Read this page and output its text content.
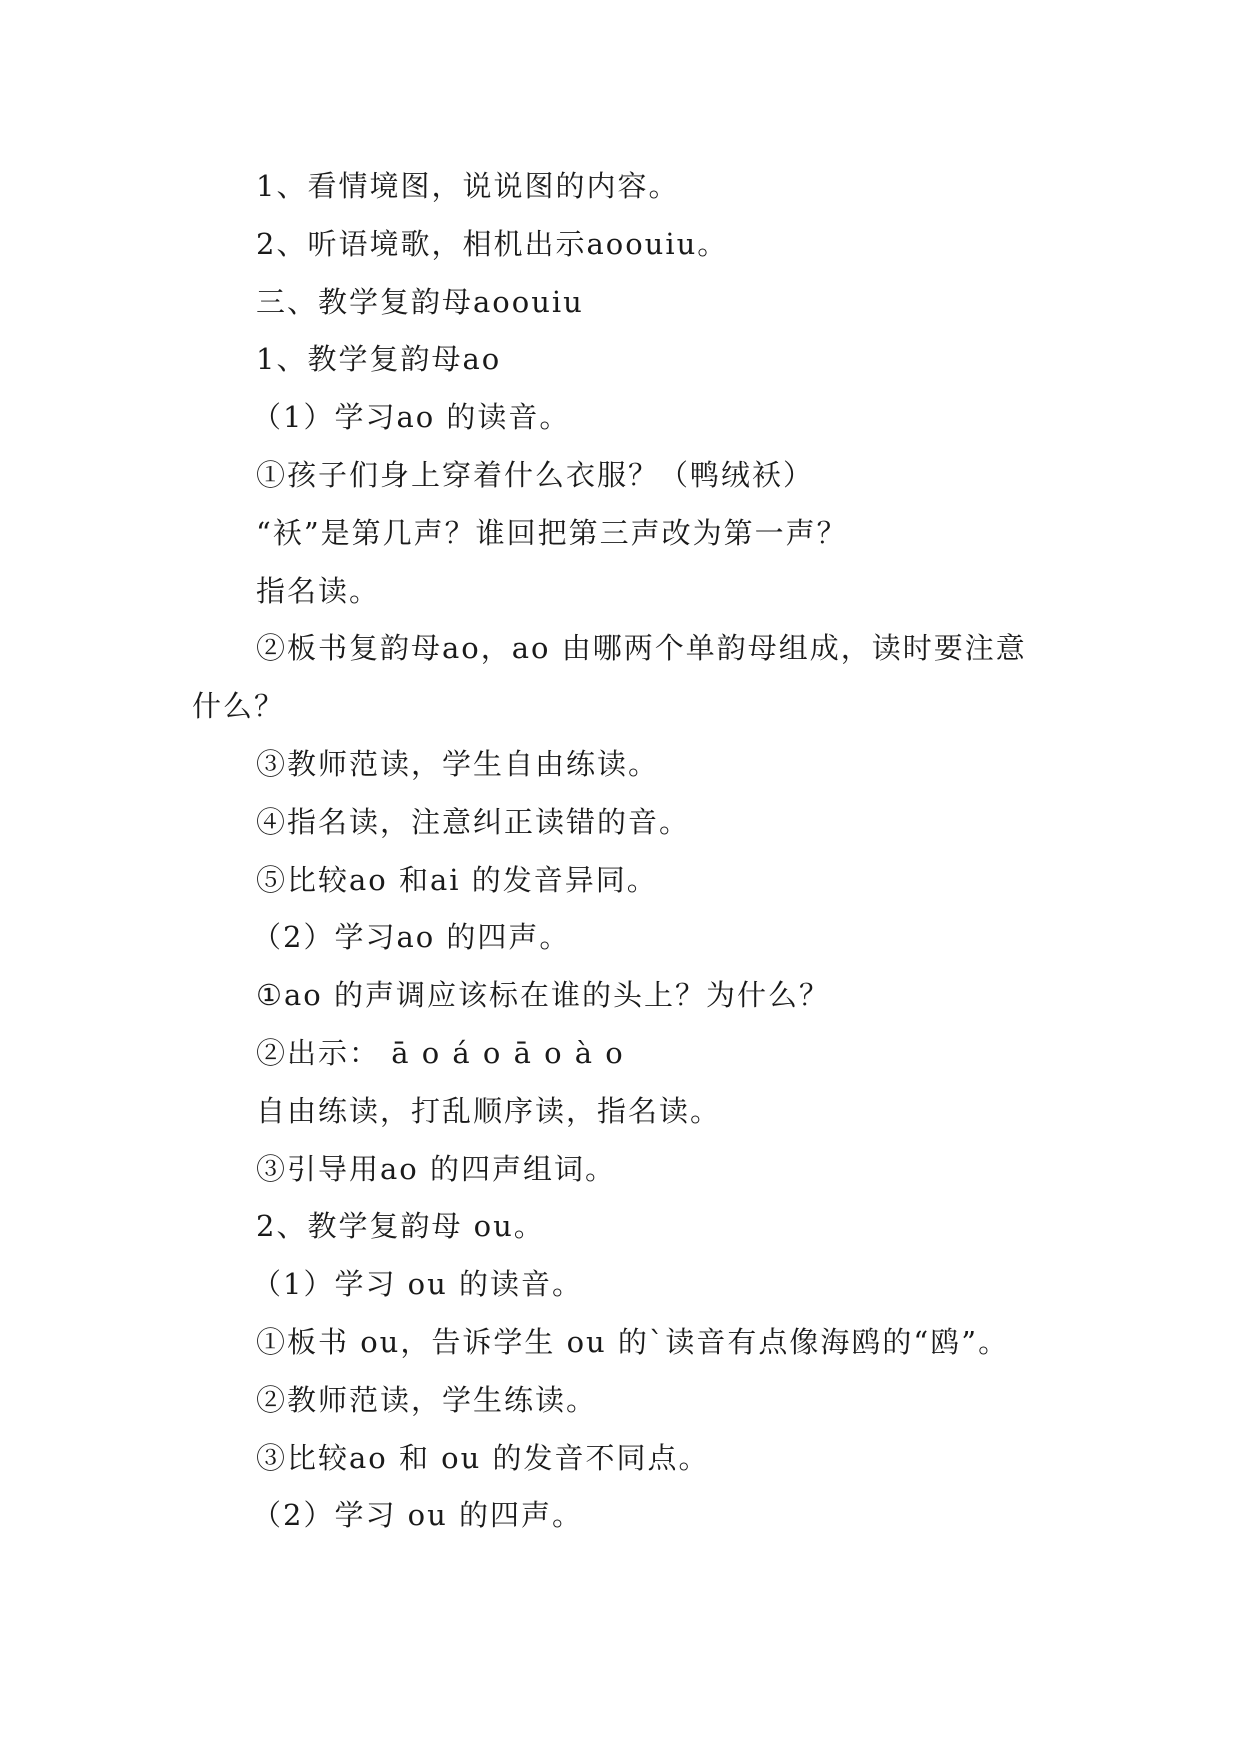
1、看情境图，说说图的内容。
2、听语境歌，相机出示aoouiu。
三、教学复韵母aoouiu
1、教学复韵母ao
（1）学习ao 的读音。
①孩子们身上穿着什么衣服？（鸭绒袄）
“袄”是第几声？谁回把第三声改为第一声？
指名读。
②板书复韵母ao，ao 由哪两个单韵母组成，读时要注意
什么？
③教师范读，学生自由练读。
④指名读，注意纠正读错的音。
⑤比较ao 和ai 的发音异同。
（2）学习ao 的四声。
①ao 的声调应该标在谁的头上？为什么？
②出示： ā o á o ā o à o
自由练读，打乱顺序读，指名读。
③引导用ao 的四声组词。
2、教学复韵母 ou。
（1）学习 ou 的读音。
①板书 ou，告诉学生 ou 的`读音有点像海鸥的“鸥”。
②教师范读，学生练读。
③比较ao 和 ou 的发音不同点。
（2）学习 ou 的四声。
